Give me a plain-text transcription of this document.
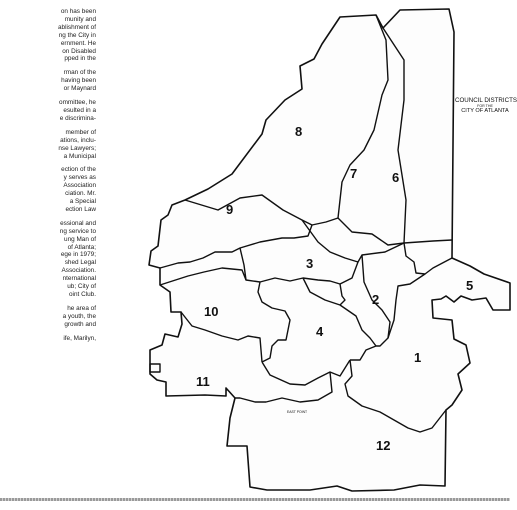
8
7	6
9
3
2
5
10
4
1
11
12
EAST POINT
COUNCIL DISTRICTS
FOR THE
CITY OF ATLANTA
on has been
munity and
ablishment of
ng the City in
ernment. He
on Disabled
pped in the
rman of the
having been
or Maynard
ommittee, he
esulted in a
e discrimina-
member of
ations, inclu-
nse Lawyers;
a Municipal
ection of the
y serves as
Association
ciation. Mr.
a Special
ection Law
essional and
ng service to
ung Man of
of Atlanta;
ege in 1979;
shed Legal
Association.
nternational
ub; City of
oint Club.
he area of
a youth, the
growth and
ife, Marilyn,
